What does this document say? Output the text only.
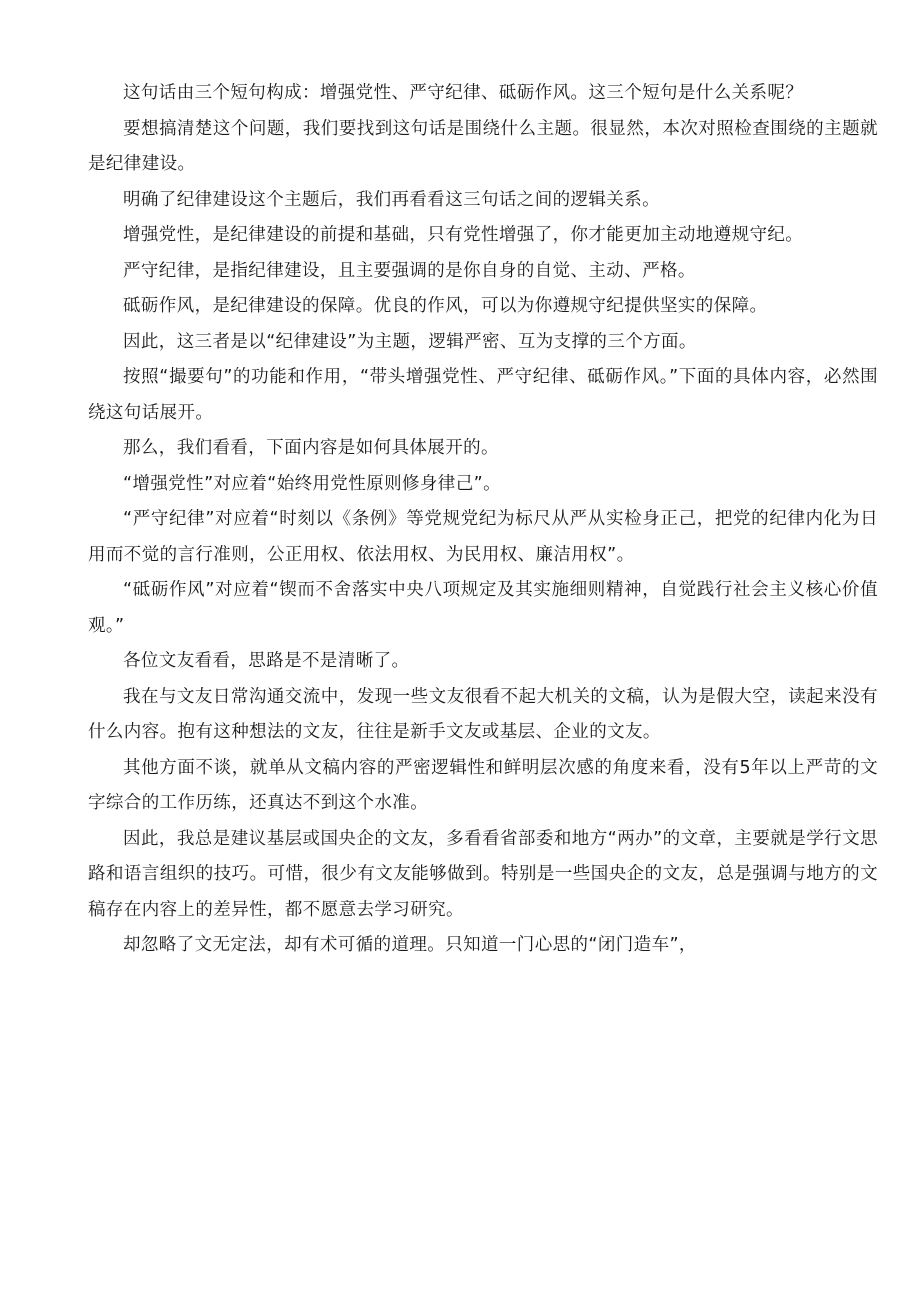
这句话由三个短句构成：增强党性、严守纪律、砥砺作风。这三个短句是什么关系呢？

要想搞清楚这个问题，我们要找到这句话是围绕什么主题。很显然，本次对照检查围绕的主题就是纪律建设。

明确了纪律建设这个主题后，我们再看看这三句话之间的逻辑关系。

增强党性，是纪律建设的前提和基础，只有党性增强了，你才能更加主动地遵规守纪。

严守纪律，是指纪律建设，且主要强调的是你自身的自觉、主动、严格。

砥砺作风，是纪律建设的保障。优良的作风，可以为你遵规守纪提供坚实的保障。

因此，这三者是以“纪律建设”为主题，逻辑严密、互为支撑的三个方面。

按照“撮要句”的功能和作用，“带头增强党性、严守纪律、砥砺作风。”下面的具体内容，必然围绕这句话展开。

那么，我们看看，下面内容是如何具体展开的。

“增强党性”对应着“始终用党性原则修身律己”。

“严守纪律”对应着“时刻以《条例》等党规党纪为标尺从严从实检身正己，把党的纪律内化为日用而不觉的言行准则，公正用权、依法用权、为民用权、廉洁用权”。

“砥砺作风”对应着“锲而不舍落实中央八项规定及其实施细则精神，自觉践行社会主义核心价值观。”

各位文友看看，思路是不是清晰了。

我在与文友日常沟通交流中，发现一些文友很看不起大机关的文稿，认为是假大空，读起来没有什么内容。抱有这种想法的文友，往往是新手文友或基层、企业的文友。

其他方面不谈，就单从文稿内容的严密逻辑性和鲜明层次感的角度来看，没有5年以上严苛的文字综合的工作历练，还真达不到这个水准。

因此，我总是建议基层或国央企的文友，多看看省部委和地方“两办”的文章，主要就是学行文思路和语言组织的技巧。可惜，很少有文友能够做到。特别是一些国央企的文友，总是强调与地方的文稿存在内容上的差异性，都不愿意去学习研究。

却忽略了文无定法，却有术可循的道理。只知道一门心思的“闭门造车”，
